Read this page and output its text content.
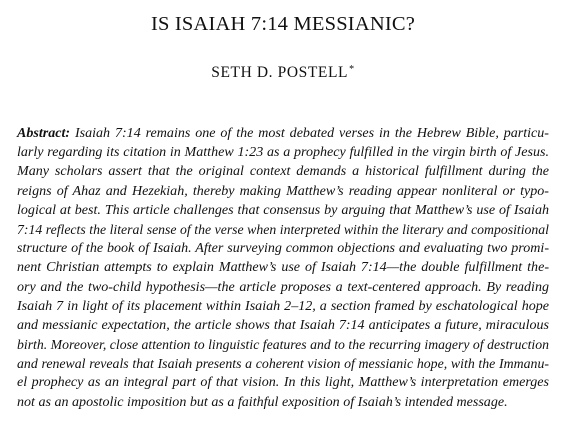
IS ISAIAH 7:14 MESSIANIC?
SETH D. POSTELL*
Abstract: Isaiah 7:14 remains one of the most debated verses in the Hebrew Bible, particu-
larly regarding its citation in Matthew 1:23 as a prophecy fulfilled in the virgin birth of Jesus.
Many scholars assert that the original context demands a historical fulfillment during the
reigns of Ahaz and Hezekiah, thereby making Matthew’s reading appear nonliteral or typo-
logical at best. This article challenges that consensus by arguing that Matthew’s use of Isaiah
7:14 reflects the literal sense of the verse when interpreted within the literary and compositional
structure of the book of Isaiah. After surveying common objections and evaluating two promi-
nent Christian attempts to explain Matthew’s use of Isaiah 7:14—the double fulfillment the-
ory and the two-child hypothesis—the article proposes a text-centered approach. By reading
Isaiah 7 in light of its placement within Isaiah 2–12, a section framed by eschatological hope
and messianic expectation, the article shows that Isaiah 7:14 anticipates a future, miraculous
birth. Moreover, close attention to linguistic features and to the recurring imagery of destruction
and renewal reveals that Isaiah presents a coherent vision of messianic hope, with the Immanu-
el prophecy as an integral part of that vision. In this light, Matthew’s interpretation emerges
not as an apostolic imposition but as a faithful exposition of Isaiah’s intended message.
